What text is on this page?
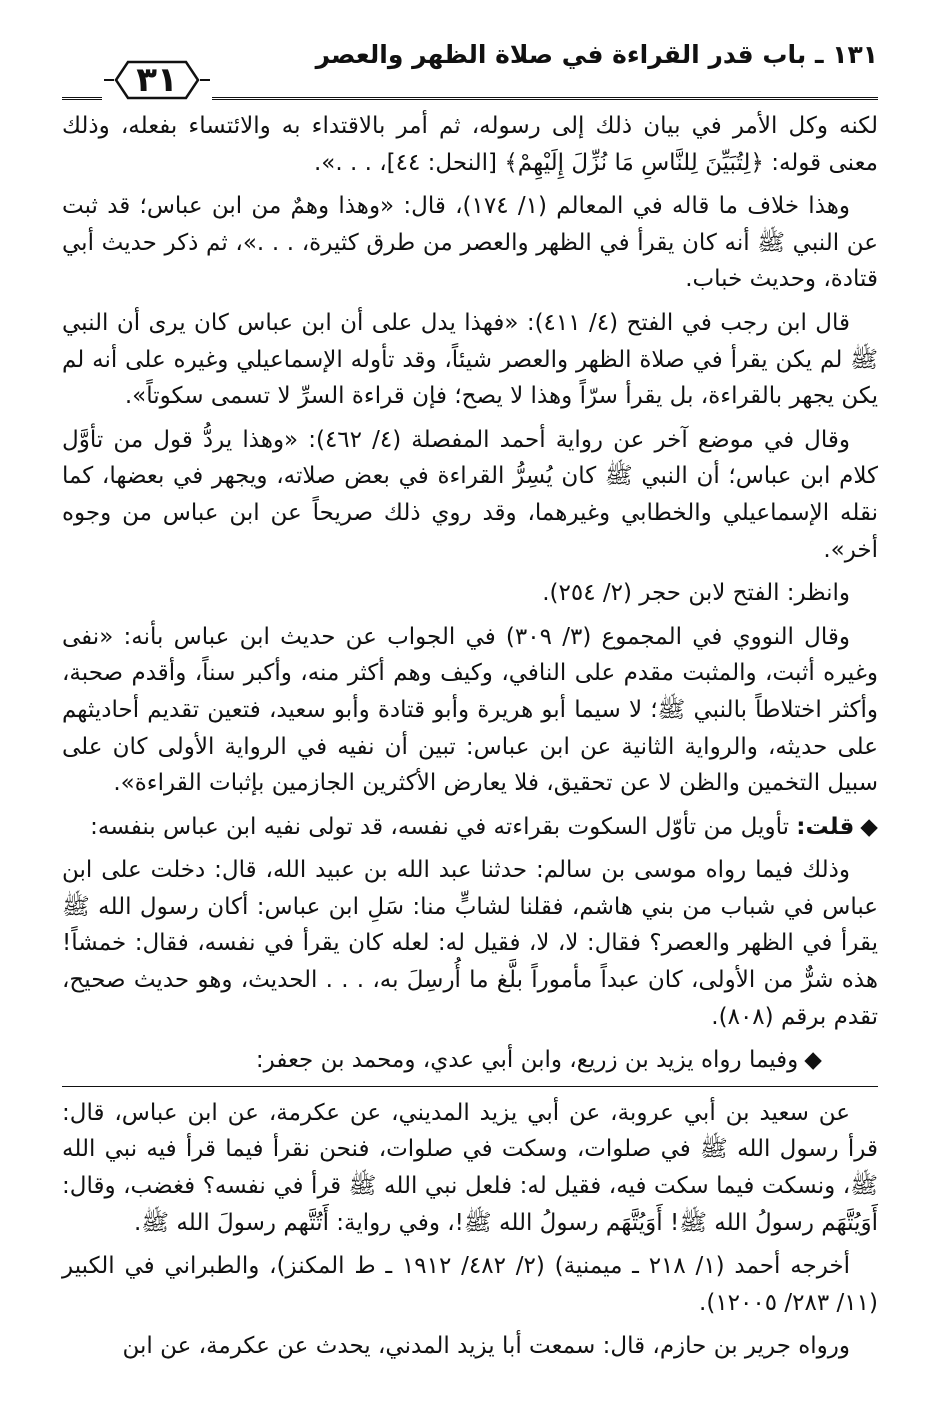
١٣١ ـ باب قدر القراءة في صلاة الظهر والعصر
٣١

لكنه وكل الأمر في بيان ذلك إلى رسوله، ثم أمر بالاقتداء به والائتساء بفعله، وذلك معنى قوله: ﴿لِتُبَيِّنَ لِلنَّاسِ مَا نُزِّلَ إِلَيْهِمْ﴾ [النحل: ٤٤]، . . .».

وهذا خلاف ما قاله في المعالم (١/ ١٧٤)، قال: «وهذا وهمٌ من ابن عباس؛ قد ثبت عن النبي ﷺ أنه كان يقرأ في الظهر والعصر من طرق كثيرة، . . .»، ثم ذكر حديث أبي قتادة، وحديث خباب.

قال ابن رجب في الفتح (٤/ ٤١١): «فهذا يدل على أن ابن عباس كان يرى أن النبي ﷺ لم يكن يقرأ في صلاة الظهر والعصر شيئاً، وقد تأوله الإسماعيلي وغيره على أنه لم يكن يجهر بالقراءة، بل يقرأ سرّاً وهذا لا يصح؛ فإن قراءة السرِّ لا تسمى سكوتاً».

وقال في موضع آخر عن رواية أحمد المفصلة (٤/ ٤٦٢): «وهذا يردُّ قول من تأوَّل كلام ابن عباس؛ أن النبي ﷺ كان يُسِرُّ القراءة في بعض صلاته، ويجهر في بعضها، كما نقله الإسماعيلي والخطابي وغيرهما، وقد روي ذلك صريحاً عن ابن عباس من وجوه أخر».

وانظر: الفتح لابن حجر (٢/ ٢٥٤).

وقال النووي في المجموع (٣/ ٣٠٩) في الجواب عن حديث ابن عباس بأنه: «نفى وغيره أثبت، والمثبت مقدم على النافي، وكيف وهم أكثر منه، وأكبر سناً، وأقدم صحبة، وأكثر اختلاطاً بالنبي ﷺ؛ لا سيما أبو هريرة وأبو قتادة وأبو سعيد، فتعين تقديم أحاديثهم على حديثه، والرواية الثانية عن ابن عباس: تبين أن نفيه في الرواية الأولى كان على سبيل التخمين والظن لا عن تحقيق، فلا يعارض الأكثرين الجازمين بإثبات القراءة».

◆قلت: تأويل من تأوّل السكوت بقراءته في نفسه، قد تولى نفيه ابن عباس بنفسه:

وذلك فيما رواه موسى بن سالم: حدثنا عبد الله بن عبيد الله، قال: دخلت على ابن عباس في شباب من بني هاشم، فقلنا لشابٍّ منا: سَلِ ابن عباس: أكان رسول الله ﷺ يقرأ في الظهر والعصر؟ فقال: لا، لا، فقيل له: لعله كان يقرأ في نفسه، فقال: خمشاً! هذه شرٌّ من الأولى، كان عبداً مأموراً بلَّغ ما أُرسِلَ به، . . . الحديث، وهو حديث صحيح، تقدم برقم (٨٠٨).

◆وفيما رواه يزيد بن زريع، وابن أبي عدي، ومحمد بن جعفر:

عن سعيد بن أبي عروبة، عن أبي يزيد المديني، عن عكرمة، عن ابن عباس، قال: قرأ رسول الله ﷺ في صلوات، وسكت في صلوات، فنحن نقرأ فيما قرأ فيه نبي الله ﷺ، ونسكت فيما سكت فيه، فقيل له: فلعل نبي الله ﷺ قرأ في نفسه؟ فغضب، وقال: أَوَيُتَّهَم رسولُ الله ﷺ! أَوَيُتَّهَم رسولُ الله ﷺ!، وفي رواية: أَتُتَّهم رسولَ الله ﷺ.

أخرجه أحمد (١/ ٢١٨ ـ ميمنية) (٢/ ٤٨٢/ ١٩١٢ ـ ط المكنز)، والطبراني في الكبير (١١/ ٢٨٣/ ١٢٠٠٥).

ورواه جرير بن حازم، قال: سمعت أبا يزيد المدني، يحدث عن عكرمة، عن ابن
